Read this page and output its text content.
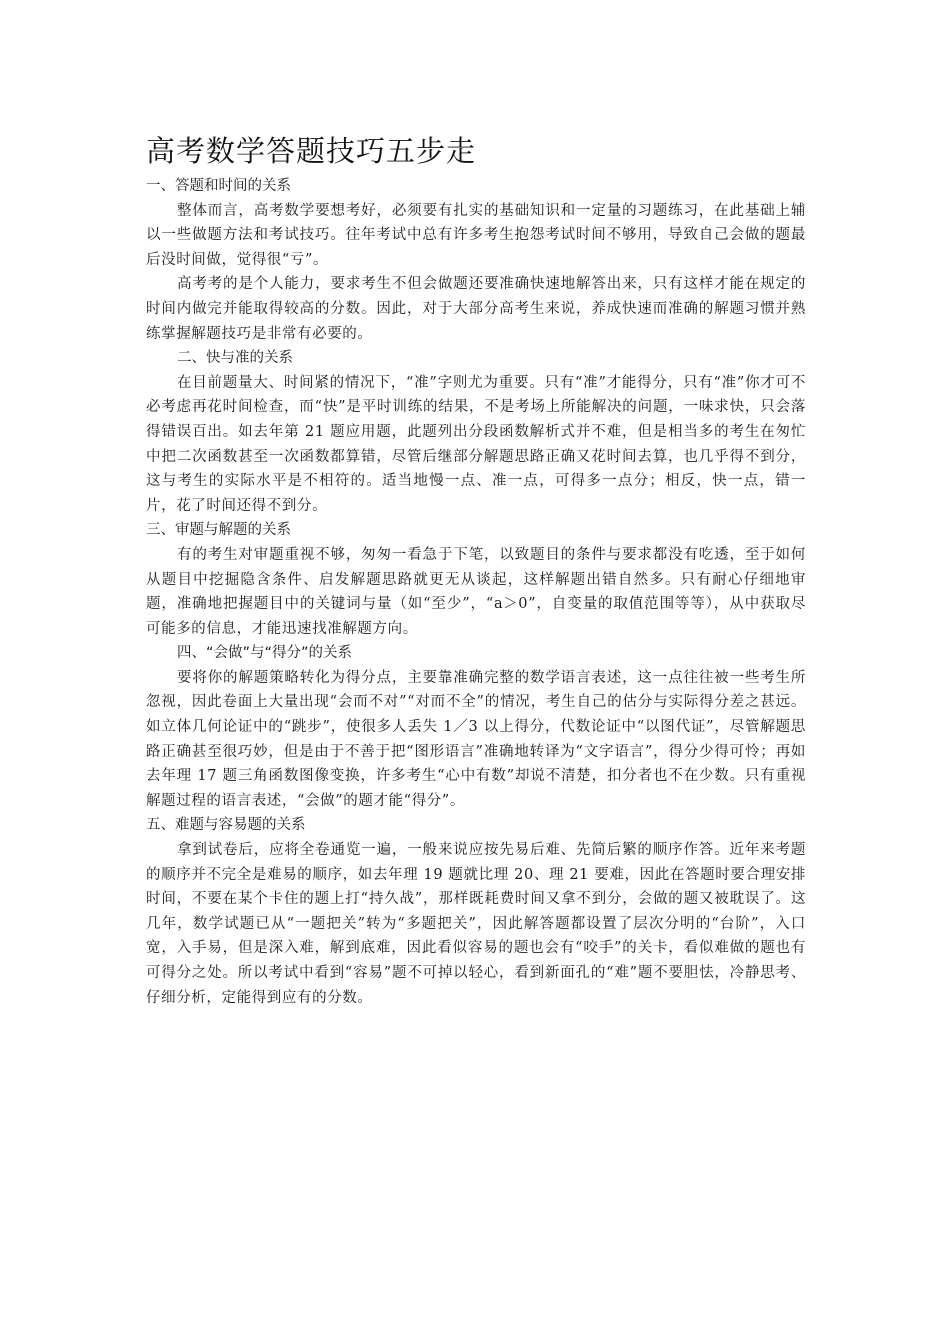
高考数学答题技巧五步走

一、答题和时间的关系

整体而言，高考数学要想考好，必须要有扎实的基础知识和一定量的习题练习，在此基础上辅以一些做题方法和考试技巧。往年考试中总有许多考生抱怨考试时间不够用，导致自己会做的题最后没时间做，觉得很“亏”。

高考考的是个人能力，要求考生不但会做题还要准确快速地解答出来，只有这样才能在规定的时间内做完并能取得较高的分数。因此，对于大部分高考生来说，养成快速而准确的解题习惯并熟练掌握解题技巧是非常有必要的。

二、快与准的关系

在目前题量大、时间紧的情况下，“准”字则尤为重要。只有“准”才能得分，只有“准”你才可不必考虑再花时间检查，而“快”是平时训练的结果，不是考场上所能解决的问题，一味求快，只会落得错误百出。如去年第 21 题应用题，此题列出分段函数解析式并不难，但是相当多的考生在匆忙中把二次函数甚至一次函数都算错，尽管后继部分解题思路正确又花时间去算，也几乎得不到分，这与考生的实际水平是不相符的。适当地慢一点、准一点，可得多一点分；相反，快一点，错一片，花了时间还得不到分。

三、审题与解题的关系

有的考生对审题重视不够，匆匆一看急于下笔，以致题目的条件与要求都没有吃透，至于如何从题目中挖掘隐含条件、启发解题思路就更无从谈起，这样解题出错自然多。只有耐心仔细地审题，准确地把握题目中的关键词与量（如“至少”，“a＞0”，自变量的取值范围等等），从中获取尽可能多的信息，才能迅速找准解题方向。

四、“会做”与“得分”的关系

要将你的解题策略转化为得分点，主要靠准确完整的数学语言表述，这一点往往被一些考生所忽视，因此卷面上大量出现“会而不对”“对而不全”的情况，考生自己的估分与实际得分差之甚远。如立体几何论证中的“跳步”，使很多人丢失 1／3 以上得分，代数论证中“以图代证”，尽管解题思路正确甚至很巧妙，但是由于不善于把“图形语言”准确地转译为“文字语言”，得分少得可怜；再如去年理 17 题三角函数图像变换，许多考生“心中有数”却说不清楚，扣分者也不在少数。只有重视解题过程的语言表述，“会做”的题才能“得分”。

五、难题与容易题的关系

拿到试卷后，应将全卷通览一遍，一般来说应按先易后难、先简后繁的顺序作答。近年来考题的顺序并不完全是难易的顺序，如去年理 19 题就比理 20、理 21 要难，因此在答题时要合理安排时间，不要在某个卡住的题上打“持久战”，那样既耗费时间又拿不到分，会做的题又被耽误了。这几年，数学试题已从“一题把关”转为“多题把关”，因此解答题都设置了层次分明的“台阶”，入口宽，入手易，但是深入难，解到底难，因此看似容易的题也会有“咬手”的关卡，看似难做的题也有可得分之处。所以考试中看到“容易”题不可掉以轻心，看到新面孔的“难”题不要胆怯，冷静思考、仔细分析，定能得到应有的分数。
